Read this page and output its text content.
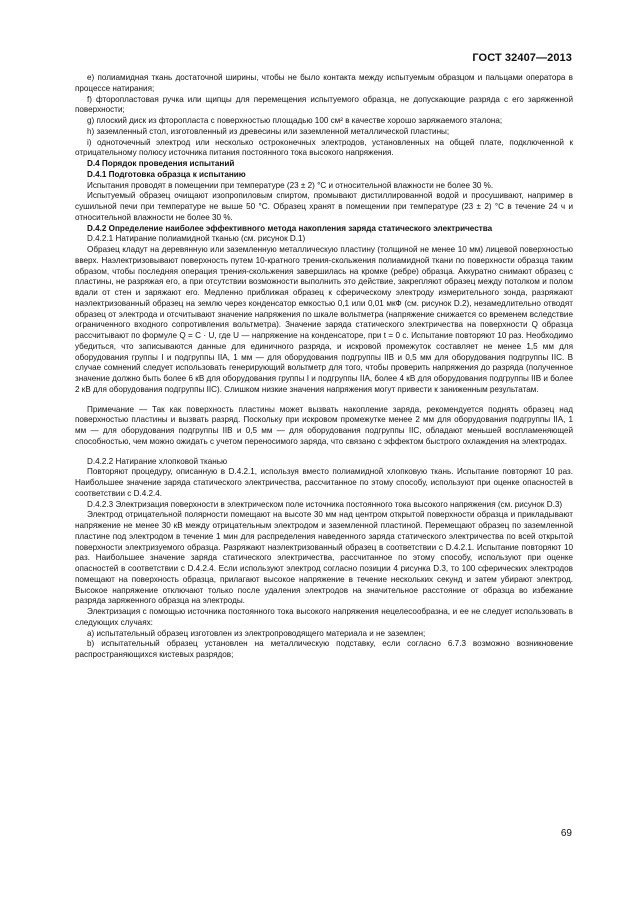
ГОСТ 32407—2013

e) полиамидная ткань достаточной ширины, чтобы не было контакта между испытуемым образцом и пальцами оператора в процессе натирания;

f) фторопластовая ручка или щипцы для перемещения испытуемого образца, не допускающие разряда с его заряженной поверхности;

g) плоский диск из фторопласта с поверхностью площадью 100 см² в качестве хорошо заряжаемого эталона;

h) заземленный стол, изготовленный из древесины или заземленной металлической пластины;

i) одноточечный электрод или несколько остроконечных электродов, установленных на общей плате, подключенной к отрицательному полюсу источника питания постоянного тока высокого напряжения.

D.4 Порядок проведения испытаний

D.4.1 Подготовка образца к испытанию

Испытания проводят в помещении при температуре (23 ± 2) °C и относительной влажности не более 30 %.

Испытуемый образец очищают изопропиловым спиртом, промывают дистиллированной водой и просушивают, например в сушильной печи при температуре не выше 50 °C. Образец хранят в помещении при температуре (23 ± 2) °C в течение 24 ч и относительной влажности не более 30 %.

D.4.2 Определение наиболее эффективного метода накопления заряда статического электричества

D.4.2.1 Натирание полиамидной тканью (см. рисунок D.1)

Образец кладут на деревянную или заземленную металлическую пластину (толщиной не менее 10 мм) лицевой поверхностью вверх. Наэлектризовывают поверхность путем 10-кратного трения-скольжения полиамидной ткани по поверхности образца таким образом, чтобы последняя операция трения-скольжения завершилась на кромке (ребре) образца. Аккуратно снимают образец с пластины, не разряжая его, а при отсутствии возможности выполнить это действие, закрепляют образец между потолком и полом вдали от стен и заряжают его. Медленно приближая образец к сферическому электроду измерительного зонда, разряжают наэлектризованный образец на землю через конденсатор емкостью 0,1 или 0,01 мкФ (см. рисунок D.2), незамедлительно отводят образец от электрода и отсчитывают значение напряжения по шкале вольтметра (напряжение снижается со временем вследствие ограниченного входного сопротивления вольтметра). Значение заряда статического электричества на поверхности Q образца рассчитывают по формуле Q = C · U, где U — напряжение на конденсаторе, при t = 0 с. Испытание повторяют 10 раз. Необходимо убедиться, что записываются данные для единичного разряда, и искровой промежуток составляет не менее 1,5 мм для оборудования группы I и подгруппы IIA, 1 мм — для оборудования подгруппы IIB и 0,5 мм для оборудования подгруппы IIC. В случае сомнений следует использовать генерирующий вольтметр для того, чтобы проверить напряжения до разряда (полученное значение должно быть более 6 кВ для оборудования группы I и подгруппы IIA, более 4 кВ для оборудования подгруппы IIB и более 2 кВ для оборудования подгруппы IIC). Слишком низкие значения напряжения могут привести к заниженным результатам.

Примечание — Так как поверхность пластины может вызвать накопление заряда, рекомендуется поднять образец над поверхностью пластины и вызвать разряд. Поскольку при искровом промежутке менее 2 мм для оборудования подгруппы IIA, 1 мм — для оборудования подгруппы IIB и 0,5 мм — для оборудования подгруппы IIC, обладают меньшей воспламеняющей способностью, чем можно ожидать с учетом переносимого заряда, что связано с эффектом быстрого охлаждения на электродах.

D.4.2.2 Натирание хлопковой тканью

Повторяют процедуру, описанную в D.4.2.1, используя вместо полиамидной хлопковую ткань. Испытание повторяют 10 раз. Наибольшее значение заряда статического электричества, рассчитанное по этому способу, используют при оценке опасностей в соответствии с D.4.2.4.

D.4.2.3 Электризация поверхности в электрическом поле источника постоянного тока высокого напряжения (см. рисунок D.3)

Электрод отрицательной полярности помещают на высоте 30 мм над центром открытой поверхности образца и прикладывают напряжение не менее 30 кВ между отрицательным электродом и заземленной пластиной. Перемещают образец по заземленной пластине под электродом в течение 1 мин для распределения наведенного заряда статического электричества по всей открытой поверхности электризуемого образца. Разряжают наэлектризованный образец в соответствии с D.4.2.1. Испытание повторяют 10 раз. Наибольшее значение заряда статического электричества, рассчитанное по этому способу, используют при оценке опасностей в соответствии с D.4.2.4. Если используют электрод согласно позиции 4 рисунка D.3, то 100 сферических электродов помещают на поверхность образца, прилагают высокое напряжение в течение нескольких секунд и затем убирают электрод. Высокое напряжение отключают только после удаления электродов на значительное расстояние от образца во избежание разряда заряженного образца на электроды.

Электризация с помощью источника постоянного тока высокого напряжения нецелесообразна, и ее не следует использовать в следующих случаях:

a) испытательный образец изготовлен из электропроводящего материала и не заземлен;

b) испытательный образец установлен на металлическую подставку, если согласно 6.7.3 возможно возникновение распространяющихся кистевых разрядов;

69
